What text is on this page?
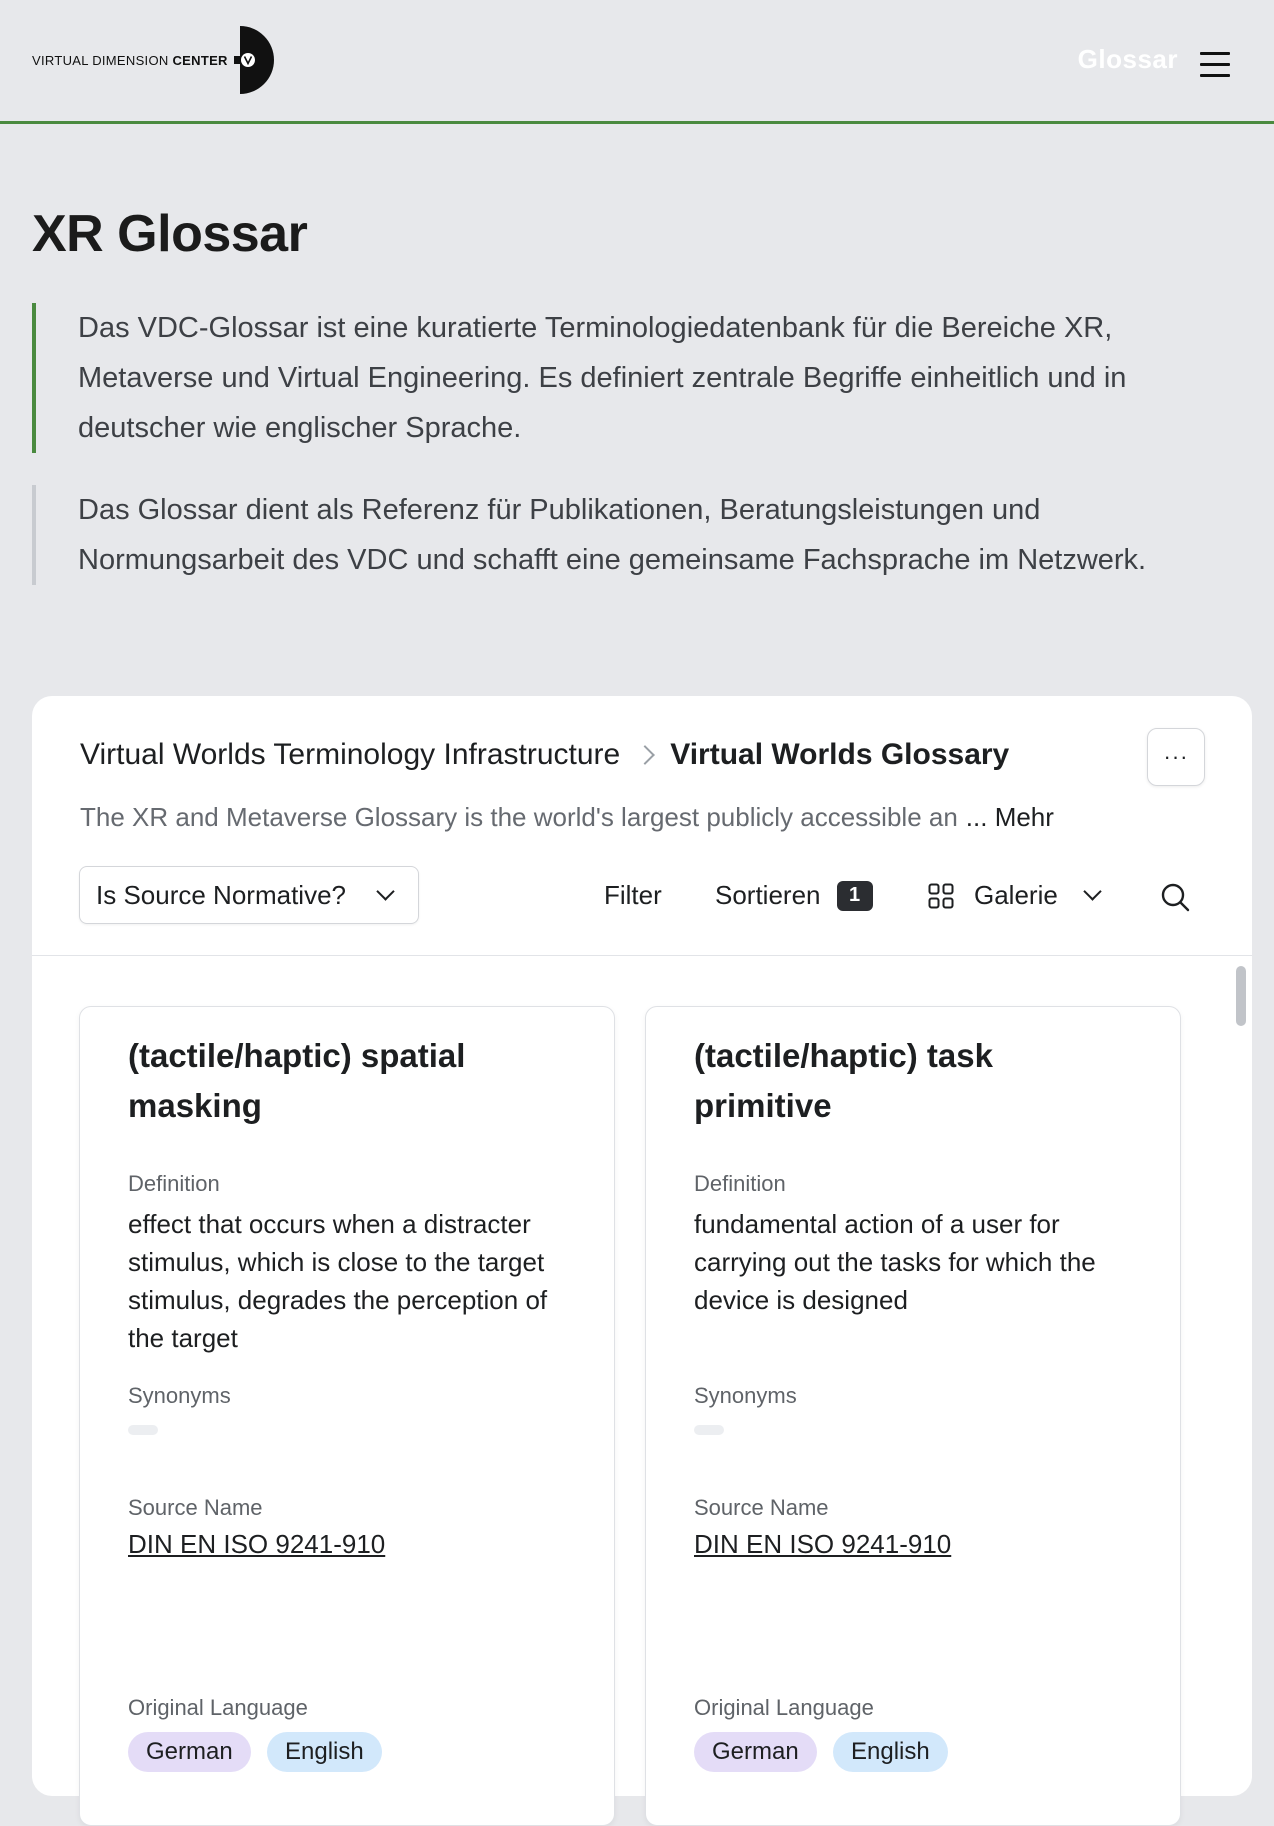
VIRTUAL DIMENSION CENTER	Glossar
XR Glossar
Das VDC-Glossar ist eine kuratierte Terminologiedatenbank für die Bereiche XR, Metaverse und Virtual Engineering. Es definiert zentrale Begriffe einheitlich und in deutscher wie englischer Sprache.
Das Glossar dient als Referenz für Publikationen, Beratungsleistungen und Normungsarbeit des VDC und schafft eine gemeinsame Fachsprache im Netzwerk.
Virtual Worlds Terminology Infrastructure Virtual Worlds Glossary	···
The XR and Metaverse Glossary is the world's largest publicly accessible an ... Mehr
Is Source Normative?	Filter Sortieren	1	Galerie
(tactile/haptic) spatial masking
Definition
effect that occurs when a distracter stimulus, which is close to the target stimulus, degrades the perception of the target
Synonyms
Source Name
DIN EN ISO 9241-910
Original Language
German	English
(tactile/haptic) task primitive
Definition
fundamental action of a user for carrying out the tasks for which the device is designed
Synonyms
Source Name
DIN EN ISO 9241-910
Original Language
German	English
